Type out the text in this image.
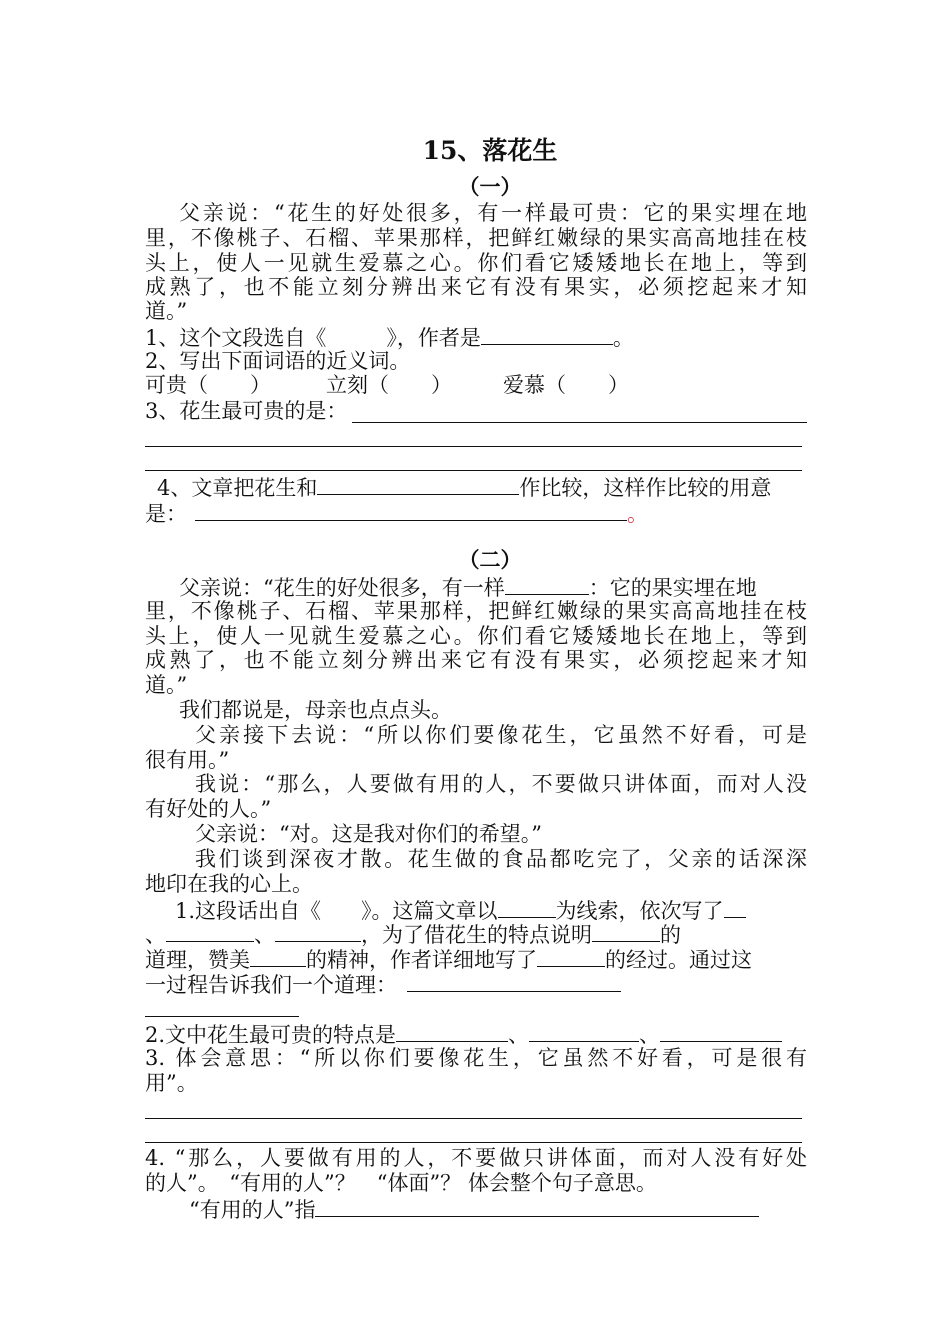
15、落花生
（一）
父亲说：“花生的好处很多，有一样最可贵：它的果实埋在地
里，不像桃子、石榴、苹果那样，把鲜红嫩绿的果实高高地挂在枝
头上，使人一见就生爱慕之心。你们看它矮矮地长在地上，等到
成熟了，也不能立刻分辨出来它有没有果实，必须挖起来才知
道。”
1、这个文段选自《	》，作者是	。
2、写出下面词语的近义词。
可贵（　　）	立刻（　　） 爱慕（　　）
3、花生最可贵的是：
4、文章把花生和	作比较，这样作比较的用意
是：	。
（二）
父亲说：“花生的好处很多，有一样	：它的果实埋在地
里，不像桃子、石榴、苹果那样，把鲜红嫩绿的果实高高地挂在枝
头上，使人一见就生爱慕之心。你们看它矮矮地长在地上，等到
成熟了，也不能立刻分辨出来它有没有果实，必须挖起来才知
道。”
我们都说是，母亲也点点头。
父亲接下去说：“所以你们要像花生，它虽然不好看，可是
很有用。”
我说：“那么，人要做有用的人，不要做只讲体面，而对人没
有好处的人。”
父亲说：“对。这是我对你们的希望。”
我们谈到深夜才散。花生做的食品都吃完了，父亲的话深深
地印在我的心上。
1.这段话出自《 》。这篇文章以	为线索，依次写了
、	、	，为了借花生的特点说明	的
道理，赞美	的精神，作者详细地写了	的经过。通过这
一过程告诉我们一个道理：
2.文中花生最可贵的特点是	、	、
3. 体会意思：“所以你们要像花生，它虽然不好看，可是很有
用”。
4. “那么，人要做有用的人，不要做只讲体面，而对人没有好处
的人”。　“有用的人”？　“体面”？ 体会整个句子意思。
“有用的人”指
